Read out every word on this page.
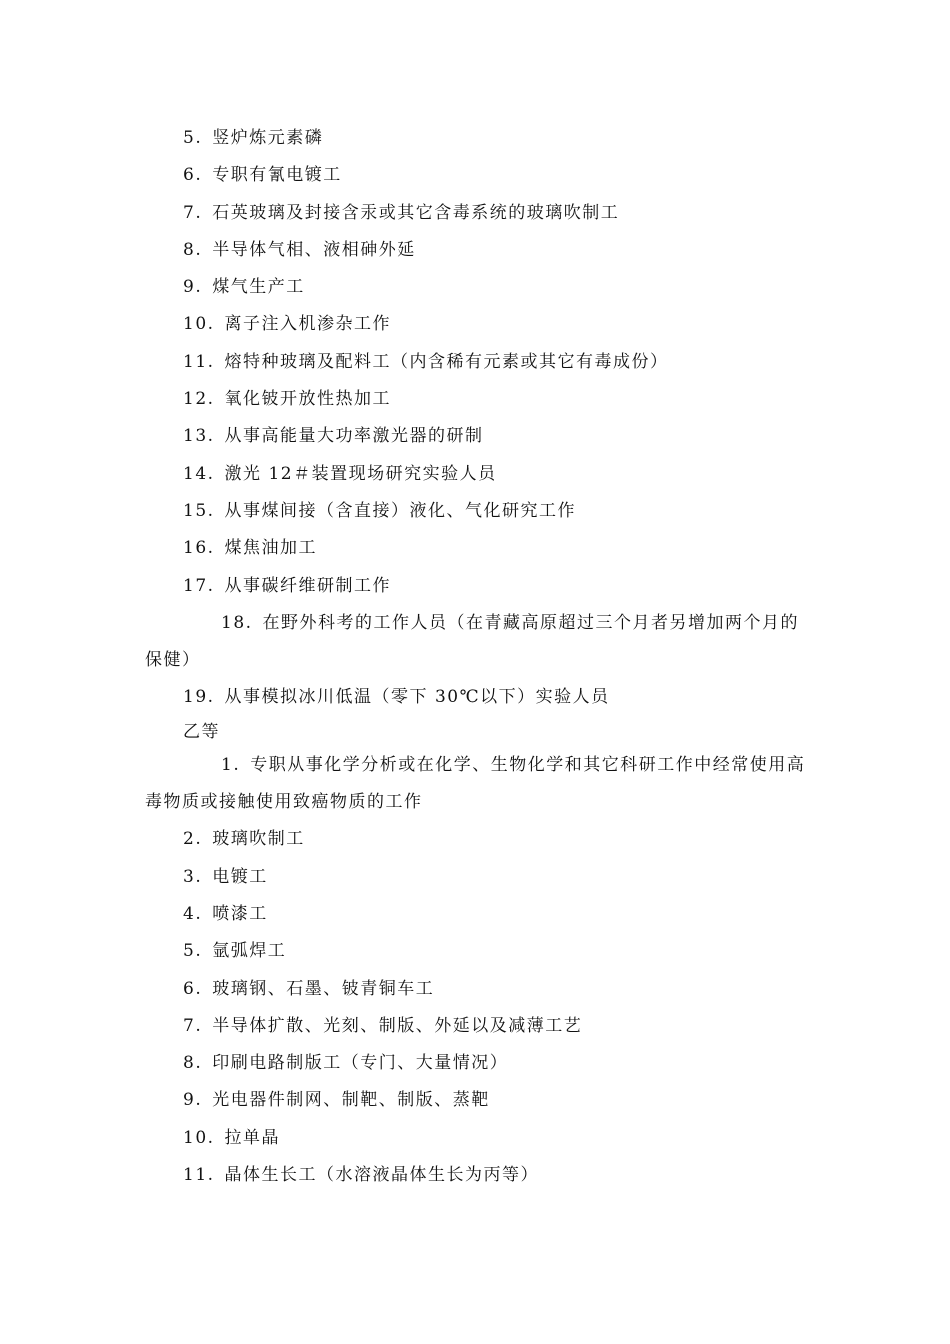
5. 竖炉炼元素磷
6. 专职有氰电镀工
7. 石英玻璃及封接含汞或其它含毒系统的玻璃吹制工
8. 半导体气相、液相砷外延
9. 煤气生产工
10. 离子注入机渗杂工作
11. 熔特种玻璃及配料工（内含稀有元素或其它有毒成份）
12. 氧化铍开放性热加工
13. 从事高能量大功率激光器的研制
14. 激光 12＃装置现场研究实验人员
15. 从事煤间接（含直接）液化、气化研究工作
16. 煤焦油加工
17. 从事碳纤维研制工作
18. 在野外科考的工作人员（在青藏高原超过三个月者另增加两个月的保健）
19. 从事模拟冰川低温（零下 30℃以下）实验人员
乙等
1. 专职从事化学分析或在化学、生物化学和其它科研工作中经常使用高毒物质或接触使用致癌物质的工作
2. 玻璃吹制工
3. 电镀工
4. 喷漆工
5. 氩弧焊工
6. 玻璃钢、石墨、铍青铜车工
7. 半导体扩散、光刻、制版、外延以及减薄工艺
8. 印刷电路制版工（专门、大量情况）
9. 光电器件制网、制靶、制版、蒸靶
10. 拉单晶
11. 晶体生长工（水溶液晶体生长为丙等）
